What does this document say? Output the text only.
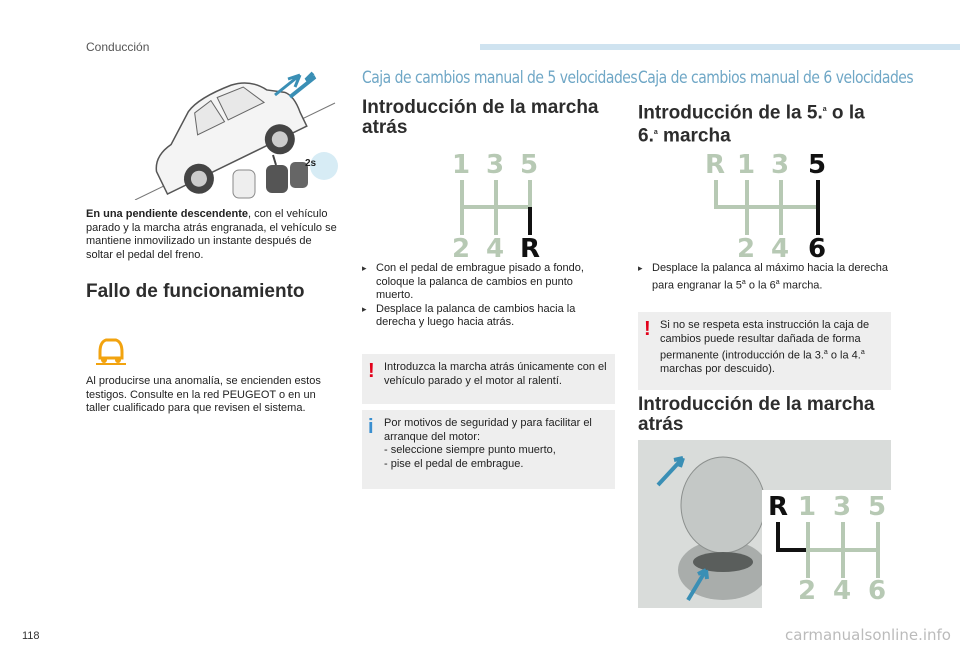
Conducción
2s
En una pendiente descendente, con el vehículo parado y la marcha atrás engranada, el vehículo se mantiene inmovilizado un instante después de soltar el pedal del freno.
Fallo de funcionamiento
Al producirse una anomalía, se encienden estos testigos. Consulte en la red PEUGEOT o en un taller cualificado para que revisen el sistema.
Caja de cambios manual de 5 velocidades
Introducción de la marcha atrás
1 3 5
2 4 R
▸ Con el pedal de embrague pisado a fondo, coloque la palanca de cambios en punto muerto.
▸ Desplace la palanca de cambios hacia la derecha y luego hacia atrás.
! Introduzca la marcha atrás únicamente con el vehículo parado y el motor al ralentí.
i Por motivos de seguridad y para facilitar el arranque del motor:
- seleccione siempre punto muerto,
- pise el pedal de embrague.
Caja de cambios manual de 6 velocidades
Introducción de la 5.$^a$ o la
6.$^a$ marcha
R 1 3 5
2 4 6
▸ Desplace la palanca al máximo hacia la derecha para engranar la 5$^a$ o la 6$^a$ marcha.
! Si no se respeta esta instrucción la caja de cambios puede resultar dañada de forma permanente (introducción de la 3.$^a$ o la 4.$^a$ marchas por descuido).
Introducción de la marcha atrás
R 1 3 5
2 4 6
118	carmanualsonline.info
